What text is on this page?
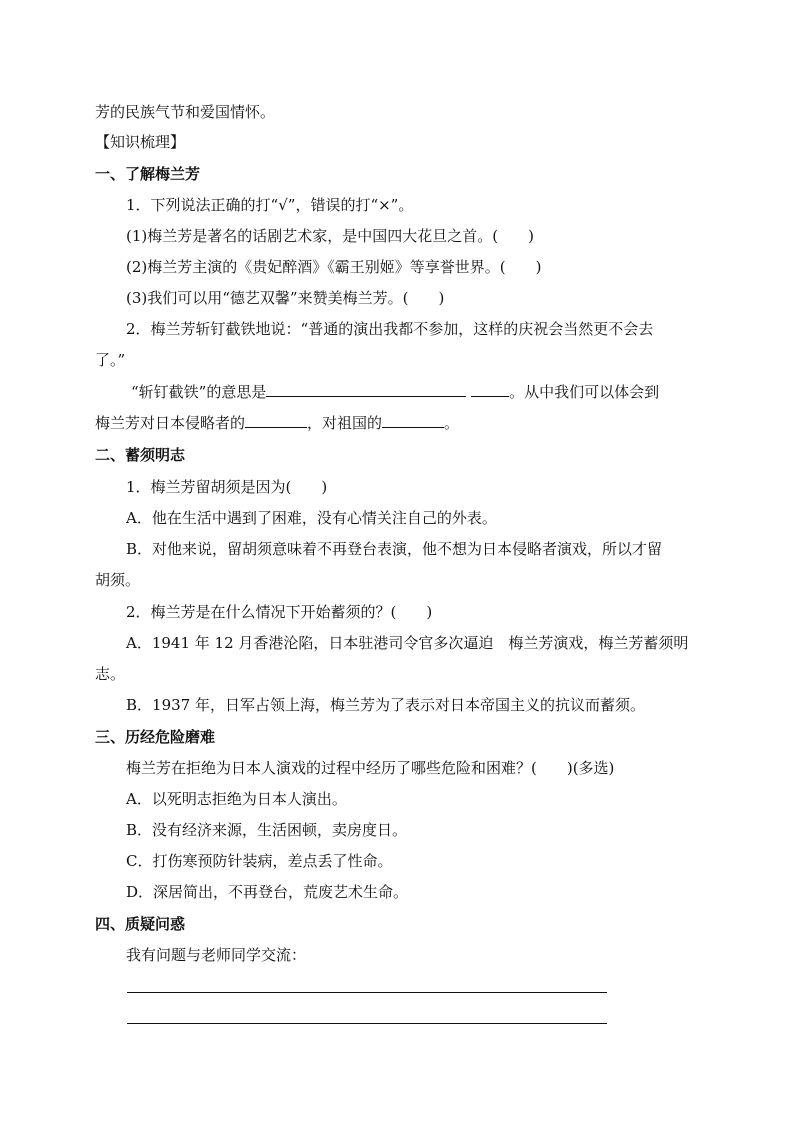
芳的民族气节和爱国情怀。
【知识梳理】
一、了解梅兰芳
1．下列说法正确的打“√”，错误的打“×”。
(1)梅兰芳是著名的话剧艺术家，是中国四大花旦之首。(　　)
(2)梅兰芳主演的《贵妃醉酒》《霸王别姬》等享誉世界。(　　)
(3)我们可以用“德艺双馨”来赞美梅兰芳。(　　)
2．梅兰芳斩钉截铁地说：“普通的演出我都不参加，这样的庆祝会当然更不会去
了。”
“斩钉截铁”的意思是	。从中我们可以体会到
梅兰芳对日本侵略者的	，对祖国的	。
二、蓄须明志
1．梅兰芳留胡须是因为(　　)
A．他在生活中遇到了困难，没有心情关注自己的外表。
B．对他来说，留胡须意味着不再登台表演，他不想为日本侵略者演戏，所以才留
胡须。
2．梅兰芳是在什么情况下开始蓄须的？(　　)
A．1941 年 12 月香港沦陷，日本驻港司令官多次逼迫　梅兰芳演戏，梅兰芳蓄须明
志。
B．1937 年，日军占领上海，梅兰芳为了表示对日本帝国主义的抗议而蓄须。
三、历经危险磨难
梅兰芳在拒绝为日本人演戏的过程中经历了哪些危险和困难？(　　)(多选)
A．以死明志拒绝为日本人演出。
B．没有经济来源，生活困顿，卖房度日。
C．打伤寒预防针装病，差点丢了性命。
D．深居简出，不再登台，荒废艺术生命。
四、质疑问惑
我有问题与老师同学交流：
